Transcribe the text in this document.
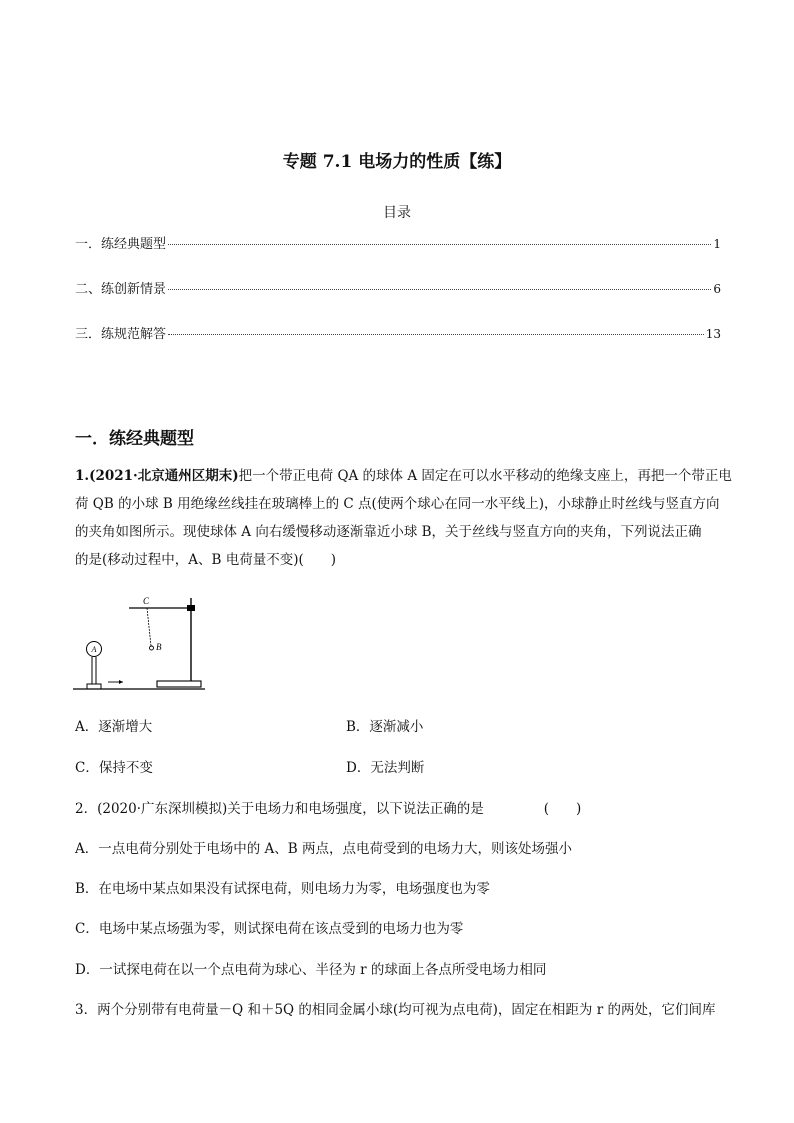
专题 7.1 电场力的性质【练】
目录
一．练经典题型	1
二、练创新情景	6
三．练规范解答	13
一．练经典题型
1.(2021·北京通州区期末)把一个带正电荷 QA 的球体 A 固定在可以水平移动的绝缘支座上，再把一个带正电
荷 QB 的小球 B 用绝缘丝线挂在玻璃棒上的 C 点(使两个球心在同一水平线上)，小球静止时丝线与竖直方向
的夹角如图所示。现使球体 A 向右缓慢移动逐渐靠近小球 B，关于丝线与竖直方向的夹角，下列说法正确
的是(移动过程中，A、B 电荷量不变)(　　)
C
B
A
A．逐渐增大	B．逐渐减小
C．保持不变	D．无法判断
2．(2020·广东深圳模拟)关于电场力和电场强度，以下说法正确的是	(　　)
A．一点电荷分别处于电场中的 A、B 两点，点电荷受到的电场力大，则该处场强小
B．在电场中某点如果没有试探电荷，则电场力为零，电场强度也为零
C．电场中某点场强为零，则试探电荷在该点受到的电场力也为零
D．一试探电荷在以一个点电荷为球心、半径为 r 的球面上各点所受电场力相同
3．两个分别带有电荷量－Q 和＋5Q 的相同金属小球(均可视为点电荷)，固定在相距为 r 的两处，它们间库
